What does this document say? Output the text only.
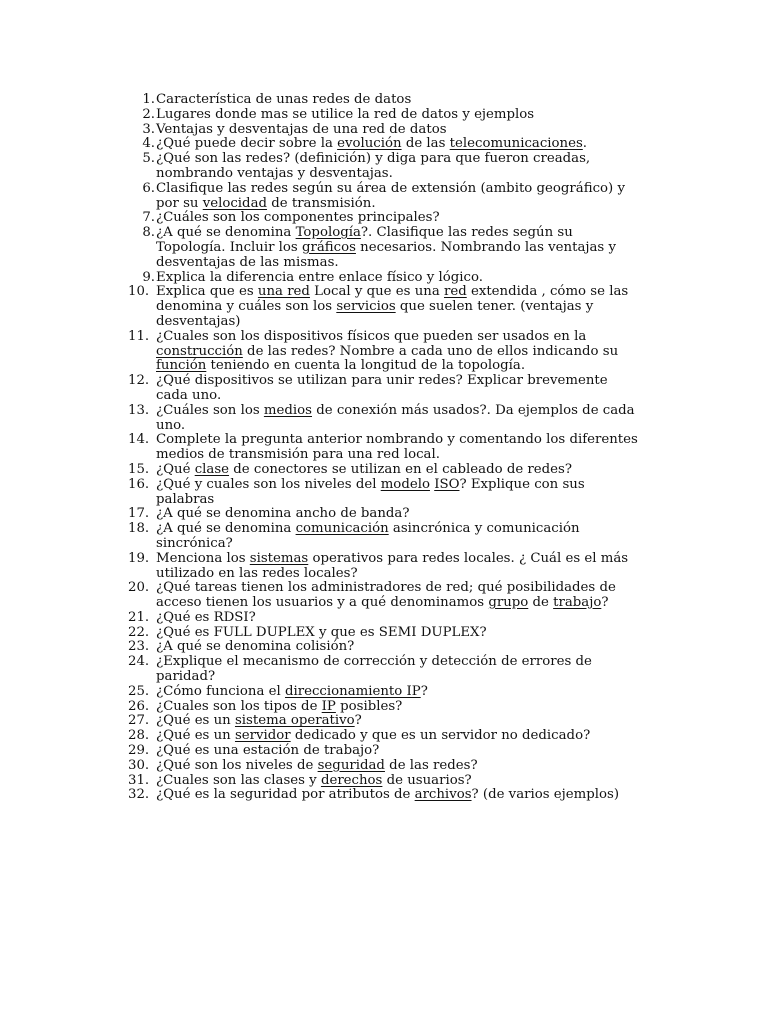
1. Característica de unas redes de datos
2. Lugares donde mas se utilice la red de datos y ejemplos
3. Ventajas y desventajas de una red de datos
4. ¿Qué puede decir sobre la evolución de las telecomunicaciones.
5. ¿Qué son las redes? (definición) y diga para que fueron creadas, nombrando ventajas y desventajas.
6. Clasifique las redes según su área de extensión (ambito geográfico) y por su velocidad de transmisión.
7. ¿Cuáles son los componentes principales?
8. ¿A qué se denomina Topología?. Clasifique las redes según su Topología. Incluir los gráficos necesarios. Nombrando las ventajas y desventajas de las mismas.
9. Explica la diferencia entre enlace físico y lógico.
10. Explica que es una red Local y que es una red extendida , cómo se las denomina y cuáles son los servicios que suelen tener. (ventajas y desventajas)
11. ¿Cuales son los dispositivos físicos que pueden ser usados en la construcción de las redes? Nombre a cada uno de ellos indicando su función teniendo en cuenta la longitud de la topología.
12. ¿Qué dispositivos se utilizan para unir redes? Explicar brevemente cada uno.
13. ¿Cuáles son los medios de conexión más usados?. Da ejemplos de cada uno.
14. Complete la pregunta anterior nombrando y comentando los diferentes medios de transmisión para una red local.
15. ¿Qué clase de conectores se utilizan en el cableado de redes?
16. ¿Qué y cuales son los niveles del modelo ISO? Explique con sus palabras
17. ¿A qué se denomina ancho de banda?
18. ¿A qué se denomina comunicación asincrónica y comunicación sincrónica?
19. Menciona los sistemas operativos para redes locales. ¿ Cuál es el más utilizado en las redes locales?
20. ¿Qué tareas tienen los administradores de red; qué posibilidades de acceso tienen los usuarios y a qué denominamos grupo de trabajo?
21. ¿Qué es RDSI?
22. ¿Qué es FULL DUPLEX y que es SEMI DUPLEX?
23. ¿A qué se denomina colisión?
24. ¿Explique el mecanismo de corrección y detección de errores de paridad?
25. ¿Cómo funciona el direccionamiento IP?
26. ¿Cuales son los tipos de IP posibles?
27. ¿Qué es un sistema operativo?
28. ¿Qué es un servidor dedicado y que es un servidor no dedicado?
29. ¿Qué es una estación de trabajo?
30. ¿Qué son los niveles de seguridad de las redes?
31. ¿Cuales son las clases y derechos de usuarios?
32. ¿Qué es la seguridad por atributos de archivos? (de varios ejemplos)
